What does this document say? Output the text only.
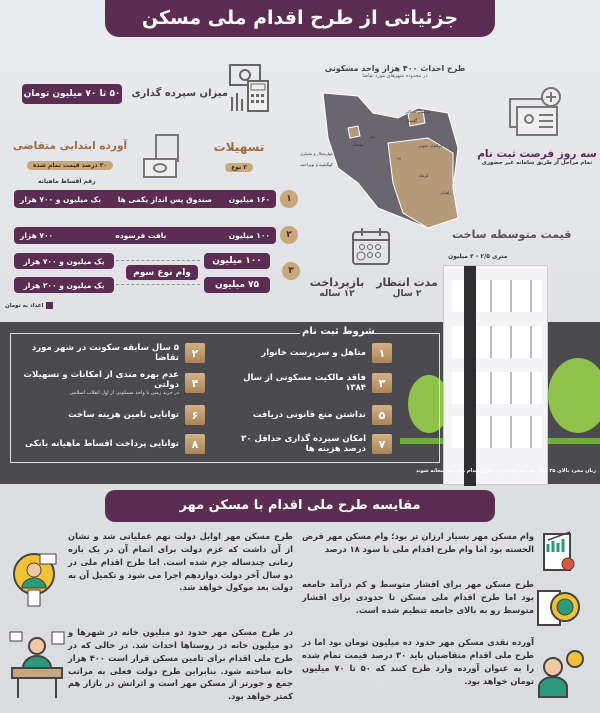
جزئیاتی از طرح اقدام ملی مسکن
میزان سپرده گذاری
۵۰ تا ۷۰ میلیون تومان
طرح احداث ۴۰۰ هزار واحد مسکونی
در محدوده شهرهای مورد تقاضا
خراسان شمالی
گلستان
قم
سمنان
یزد
خراسان جنوبی
کرمان
زاهدان
چهارمحال و بختیاری
کهگیلویه و بویراحمد
سه روز فرصت ثبت نام
تمام مراحل از طریق سامانه غیر حضوری
تسهیلات
۳ نوع
آورده ابتدایی متقاضی
۳۰ درصد قیمت تمام شده
رقم اقساط ماهیانه
۱
۱۶۰ میلیون
صندوق پس انداز یکمی ها
یک میلیون و ۷۰۰ هزار
۲
۱۰۰ میلیون
بافت فرسوده
۷۰۰ هزار
۳
۱۰۰ میلیون
۷۵ میلیون
وام نوع سوم
یک میلیون و ۷۰۰ هزار
یک میلیون و ۲۰۰ هزار
اعداد به تومان
مدت انتظار
۲ سال
بازپرداخت
۱۲ ساله
قیمت متوسطه ساخت
متری ۲/۵ - ۲ میلیون
شروط ثبت نام
۱
متاهل و سرپرست خانوار
۲
۵ سال سابقه سکونت در شهر مورد تقاضا
۳
فاقد مالکیت مسکونی از سال ۱۳۸۴
۴
عدم بهره مندی از امکانات و تسهیلات دولتی
در خرید زمین یا واحد مسکونی از اول انقلاب اسلامی
۵
نداشتن منع قانونی دریافت
۶
توانایی تامین هزینه ساخت
۷
امکان سپرده گذاری حداقل ۳۰ درصد هزینه ها
۸
توانایی پرداخت اقساط ماهیانه بانکی
زنان مجرد بالای ۳۵ سال هم می توانند در طرح اقدام ملی صاحبخانه شوند
مقایسه طرح ملی اقدام با مسکن مهر
وام مسکن مهر بسیار ارزان تر بود؛ وام مسکن مهر قرض الحسنه بود اما وام طرح اقدام ملی با سود ۱۸ درصد
طرح مسکن مهر برای اقشار متوسط و کم درآمد جامعه بود اما طرح اقدام ملی مسکن تا حدودی برای اقشار متوسط رو به بالای جامعه تنظیم شده است.
آورده نقدی مسکن مهر حدود ده میلیون تومان بود اما در طرح ملی اقدام متقاضیان باید ۳۰ درصد قیمت تمام شده را به عنوان آورده وارد طرح کنند که ۵۰ تا ۷۰ میلیون تومان خواهد بود.
طرح مسکن مهر اوایل دولت نهم عملیاتی شد و نشان از آن داشت که عزم دولت برای اتمام آن در یک بازه زمانی چندساله جزم شده است. اما طرح اقدام ملی در دو سال آخر دولت دوازدهم اجرا می شود و تکمیل آن به دولت بعد موکول خواهد شد.
در طرح مسکن مهر حدود دو میلیون خانه در شهرها و دو میلیون خانه در روستاها احداث شد. در حالی که در طرح ملی اقدام برای تامین مسکن قرار است ۴۰۰ هزار خانه ساخته شود. بنابراین طرح دولت فعلی به مراتب جمع و جورتر از مسکن مهر است و اثراتش در بازار هم کمتر خواهد بود.
